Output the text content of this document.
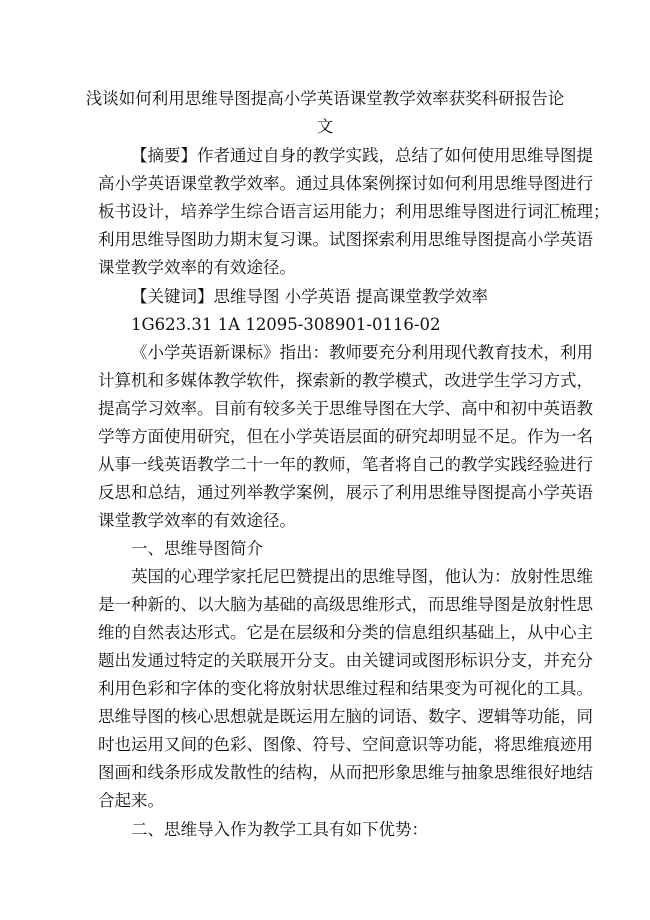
浅谈如何利用思维导图提高小学英语课堂教学效率获奖科研报告论
文
【摘要】作者通过自身的教学实践，总结了如何使用思维导图提
高小学英语课堂教学效率。通过具体案例探讨如何利用思维导图进行
板书设计，培养学生综合语言运用能力；利用思维导图进行词汇梳理；
利用思维导图助力期末复习课。试图探索利用思维导图提高小学英语
课堂教学效率的有效途径。
【关键词】思维导图 小学英语 提高课堂教学效率
1G623.31 1A 12095-308901-0116-02
《小学英语新课标》指出：教师要充分利用现代教育技术，利用
计算机和多媒体教学软件，探索新的教学模式，改进学生学习方式，
提高学习效率。目前有较多关于思维导图在大学、高中和初中英语教
学等方面使用研究，但在小学英语层面的研究却明显不足。作为一名
从事一线英语教学二十一年的教师，笔者将自己的教学实践经验进行
反思和总结，通过列举教学案例，展示了利用思维导图提高小学英语
课堂教学效率的有效途径。
一、思维导图简介
英国的心理学家托尼巴赞提出的思维导图，他认为：放射性思维
是一种新的、以大脑为基础的高级思维形式，而思维导图是放射性思
维的自然表达形式。它是在层级和分类的信息组织基础上，从中心主
题出发通过特定的关联展开分支。由关键词或图形标识分支，并充分
利用色彩和字体的变化将放射状思维过程和结果变为可视化的工具。
思维导图的核心思想就是既运用左脑的词语、数字、逻辑等功能，同
时也运用又间的色彩、图像、符号、空间意识等功能，将思维痕迹用
图画和线条形成发散性的结构，从而把形象思维与抽象思维很好地结
合起来。
二、思维导入作为教学工具有如下优势：
